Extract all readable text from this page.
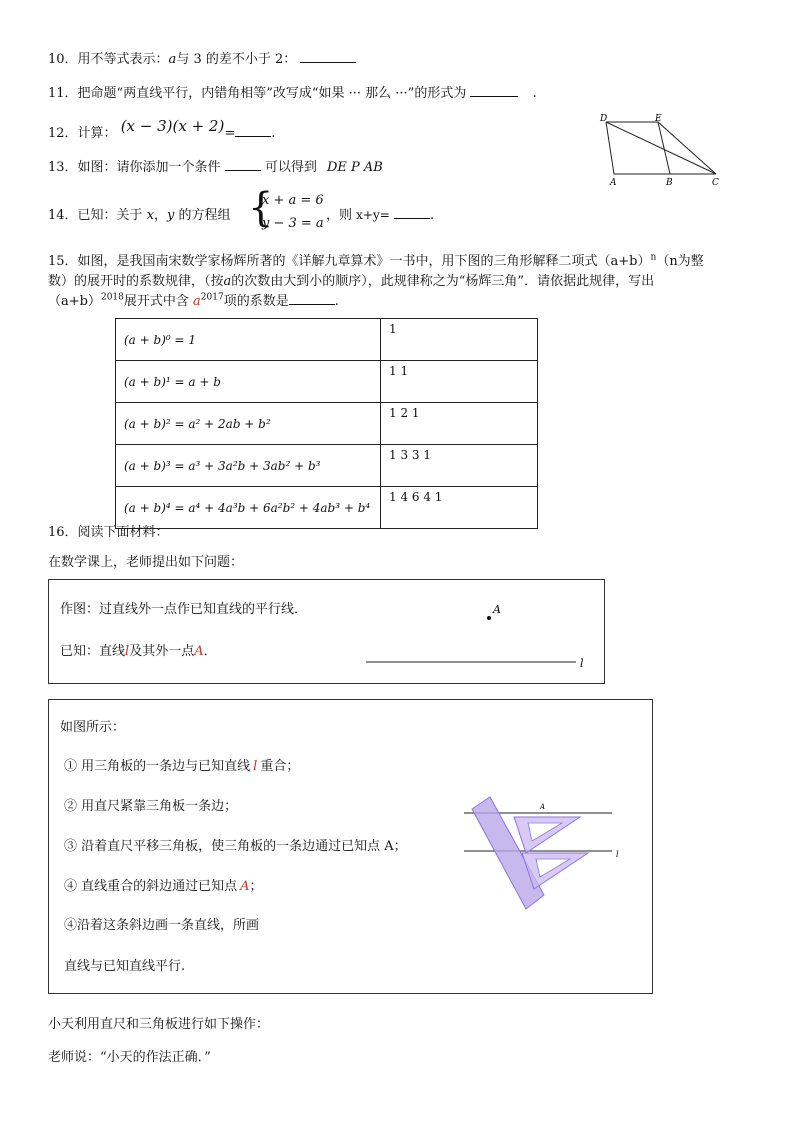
10．用不等式表示：a与 3 的差不小于 2：
11．把命题“两直线平行，内错角相等”改写成“如果 ··· 那么 ···”的形式为	.
12．计算： (x − 3)(x + 2)=	.
13．如图：请你添加一个条件	可以得到 DE P AB
D	E
A	B	C
14．已知：关于 x，y 的方程组 {
x + a = 6
y − 3 = a
，则 x+y=	.
15．如图，是我国南宋数学家杨辉所著的《详解九章算术》一书中，用下图的三角形解释二项式$(a+b)^n(n$为整
数）的展开时的系数规律，（按a的次数由大到小的顺序），此规律称之为“杨辉三角”．请依据此规律，写出
$(a+b)^{2018}$展开式中含 $a^{2017}$项的系数是	.
(a + b)⁰ = 1	1
(a + b)¹ = a + b	1 1
(a + b)² = a² + 2ab + b²	1 2 1
(a + b)³ = a³ + 3a²b + 3ab² + b³	1 3 3 1
(a + b)⁴ = a⁴ + 4a³b + 6a²b² + 4ab³ + b⁴	1 4 6 4 1
16．阅读下面材料：
在数学课上，老师提出如下问题：
作图：过直线外一点作已知直线的平行线．
已知：直线l及其外一点A．
A
l
如图所示：
① 用三角板的一条边与已知直线 l 重合；
② 用直尺紧靠三角板一条边；
③ 沿着直尺平移三角板，使三角板的一条边通过已知点 A；
④ 直线重合的斜边通过已知点 A；
④沿着这条斜边画一条直线，所画
直线与已知直线平行.
A
l
小天利用直尺和三角板进行如下操作：
老师说：“小天的作法正确．”
